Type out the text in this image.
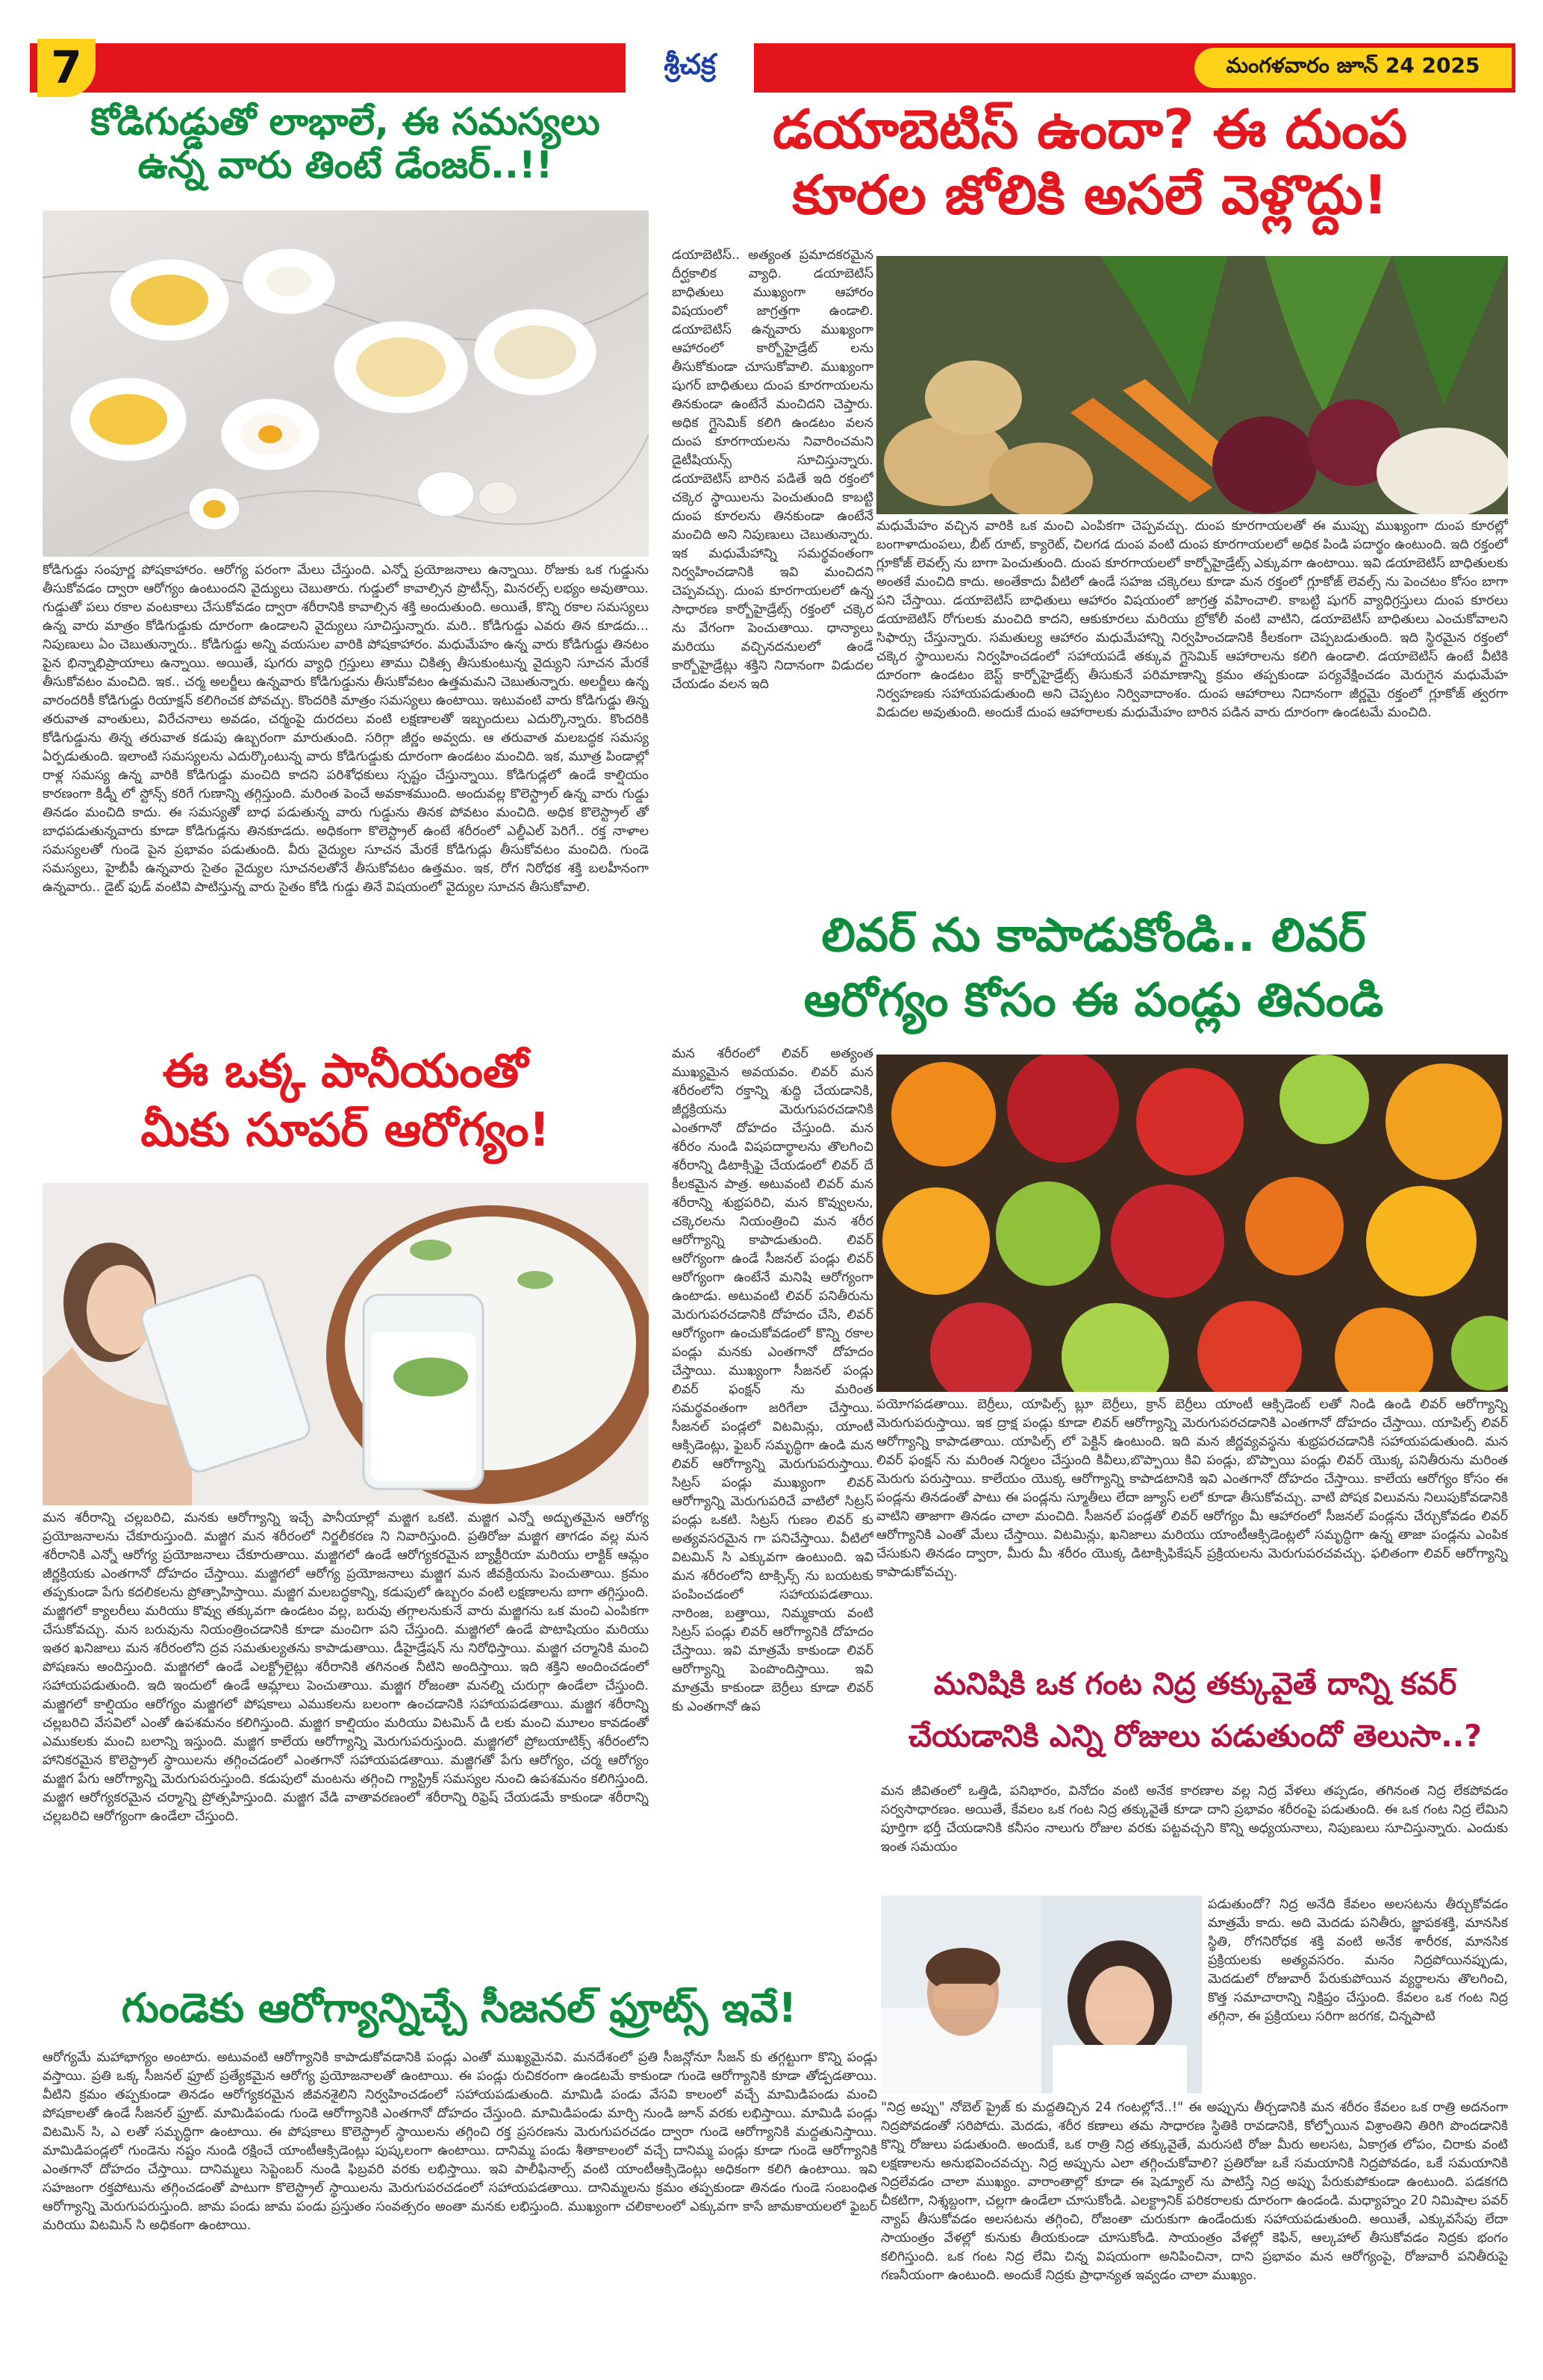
7	శ్రీచక్ర	మంగళవారం జూన్ 24 2025
కోడిగుడ్డుతో లాభాలే, ఈ సమస్యలు
ఉన్న వారు తింటే డేంజర్..!!
కోడిగుడ్డు సంపూర్ణ పోషకాహారం. ఆరోగ్య పరంగా మేలు చేస్తుంది. ఎన్నో ప్రయోజనాలు ఉన్నాయి. రోజుకు ఒక గుడ్డును తీసుకోవడం ద్వారా ఆరోగ్యం ఉంటుందని వైద్యులు చెబుతారు. గుడ్డులో కావాల్సిన ప్రొటీన్స్, మినరల్స్ లభ్యం అవుతాయి. గుడ్డుతో పలు రకాల వంటకాలు చేసుకోవడం ద్వారా శరీరానికి కావాల్సిన శక్తి అందుతుంది. అయితే, కొన్ని రకాల సమస్యలు ఉన్న వారు మాత్రం కోడిగుడ్డుకు దూరంగా ఉండాలని వైద్యులు సూచిస్తున్నారు. మరి.. కోడిగుడ్డు ఎవరు తిన కూడదు... నిపుణులు ఏం చెబుతున్నారు.. కోడిగుడ్డు అన్ని వయసుల వారికి పోషకాహారం. మధుమేహం ఉన్న వారు కోడిగుడ్డు తినటం పైన భిన్నాభిప్రాయాలు ఉన్నాయి. అయితే, షుగరు వ్యాధి గ్రస్తులు తాము చికిత్స తీసుకుంటున్న వైద్యుని సూచన మేరకే తీసుకోవటం మంచిది. ఇక.. చర్మ అలర్జీలు ఉన్నవారు కోడిగుడ్డును తీసుకోవటం ఉత్తమమని చెబుతున్నారు. అలర్జీలు ఉన్న వారందరికీ కోడిగుడ్డు రియాక్షన్ కలిగించక పోవచ్చు. కొందరికి మాత్రం సమస్యలు ఉంటాయి. ఇటువంటి వారు కోడిగుడ్డు తిన్న తరువాత వాంతులు, విరేచనాలు అవడం, చర్మంపై దురదలు వంటి లక్షణాలతో ఇబ్బందులు ఎదుర్కొన్నారు. కొందరికి కోడిగుడ్డును తిన్న తరువాత కడుపు ఉబ్బరంగా మారుతుంది. సరిగ్గా జీర్ణం అవ్వదు. ఆ తరువాత మలబద్ధక సమస్య ఏర్పడుతుంది. ఇలాంటి సమస్యలను ఎదుర్కొంటున్న వారు కోడిగుడ్డుకు దూరంగా ఉండటం మంచిది. ఇక, మూత్ర పిండాల్లో రాళ్ల సమస్య ఉన్న వారికి కోడిగుడ్డు మంచిది కాదని పరిశోధకులు స్పష్టం చేస్తున్నాయి. కోడిగుడ్లలో ఉండే కాల్షియం కారణంగా కిడ్నీ లో స్టోన్స్ కరిగే గుణాన్ని తగ్గిస్తుంది. మరింత పెంచే అవకాశముంది. అందువల్ల కొలెస్ట్రాల్ ఉన్న వారు గుడ్డు తినడం మంచిది కాదు. ఈ సమస్యతో బాధ పడుతున్న వారు గుడ్డును తినక పోవటం మంచిది. అధిక కొలెస్ట్రాల్ తో బాధపడుతున్నవారు కూడా కోడిగుడ్లను తినకూడదు. అధికంగా కొలెస్ట్రాల్ ఉంటే శరీరంలో ఎల్డీఎల్ పెరిగే.. రక్త నాళాల సమస్యలతో గుండె పైన ప్రభావం పడుతుంది. వీరు వైద్యుల సూచన మేరకే కోడిగుడ్లు తీసుకోవటం మంచిది. గుండె సమస్యలు, హైబీపీ ఉన్నవారు సైతం వైద్యుల సూచనలతోనే తీసుకోవటం ఉత్తమం. ఇక, రోగ నిరోధక శక్తి బలహీనంగా ఉన్నవారు.. డైట్ ఫుడ్ వంటివి పాటిస్తున్న వారు సైతం కోడి గుడ్డు తినే విషయంలో వైద్యుల సూచన తీసుకోవాలి.
ఈ ఒక్క పానీయంతో
మీకు సూపర్ ఆరోగ్యం!
మన శరీరాన్ని చల్లబరిచి, మనకు ఆరోగ్యాన్ని ఇచ్చే పానీయాల్లో మజ్జిగ ఒకటి. మజ్జిగ ఎన్నో అద్భుతమైన ఆరోగ్య ప్రయోజనాలను చేకూరుస్తుంది. మజ్జిగ మన శరీరంలో నిర్జలీకరణ ని నివారిస్తుంది. ప్రతిరోజు మజ్జిగ తాగడం వల్ల మన శరీరానికి ఎన్నో ఆరోగ్య ప్రయోజనాలు చేకూరుతాయి. మజ్జిగలో ఉండే ఆరోగ్యకరమైన బ్యాక్టీరియా మరియు లాక్టిక్ ఆమ్లం జీర్ణక్రియకు ఎంతగానో దోహదం చేస్తాయి. మజ్జిగలో ఆరోగ్య ప్రయోజనాలు మజ్జిగ మన జీవక్రియను పెంచుతాయి. క్రమం తప్పకుండా పేగు కదలికలను ప్రోత్సాహిస్తాయి. మజ్జిగ మలబద్ధకాన్ని, కడుపులో ఉబ్బరం వంటి లక్షణాలను బాగా తగ్గిస్తుంది. మజ్జిగలో క్యాలరీలు మరియు కొవ్వు తక్కువగా ఉండటం వల్ల, బరువు తగ్గాలనుకునే వారు మజ్జిగను ఒక మంచి ఎంపికగా చేసుకోవచ్చు. మన బరువును నియంత్రించడానికి కూడా మంచిగా పని చేస్తుంది. మజ్జిగలో ఉండే పొటాషియం మరియు ఇతర ఖనిజాలు మన శరీరంలోని ద్రవ సమతుల్యతను కాపాడుతాయి. డీహైడ్రేషన్ ను నిరోధిస్తాయి. మజ్జిగ చర్మానికి మంచి పోషణను అందిస్తుంది. మజ్జిగలో ఉండే ఎలక్ట్రోలైట్లు శరీరానికి తగినంత నీటిని అందిస్తాయి. ఇది శక్తిని అందించడంలో సహాయపడుతుంది. ఇది ఇందులో ఉండే ఆమ్లాలు పెంచుతాయి. మజ్జిగ రోజంతా మనల్ని చురుగ్గా ఉండేలా చేస్తుంది. మజ్జిగలో కాల్షియం ఆరోగ్యం మజ్జిగలో పోషకాలు ఎముకలను బలంగా ఉంచడానికి సహాయపడతాయి. మజ్జిగ శరీరాన్ని చల్లబరిచి వేసవిలో ఎంతో ఉపశమనం కలిగిస్తుంది. మజ్జిగ కాల్షియం మరియు విటమిన్ డి లకు మంచి మూలం కావడంతో ఎముకలకు మంచి బలాన్ని ఇస్తుంది. మజ్జిగ కాలేయ ఆరోగ్యాన్ని మెరుగుపరుస్తుంది. మజ్జిగలో ప్రోబయాటిక్స్ శరీరంలోని హానికరమైన కొలెస్ట్రాల్ స్థాయిలను తగ్గించడంలో ఎంతగానో సహాయపడతాయి. మజ్జిగతో పేగు ఆరోగ్యం, చర్మ ఆరోగ్యం మజ్జిగ పేగు ఆరోగ్యాన్ని మెరుగుపరుస్తుంది. కడుపులో మంటను తగ్గించి గ్యాస్ట్రిక్ సమస్యల నుంచి ఉపశమనం కలిగిస్తుంది. మజ్జిగ ఆరోగ్యకరమైన చర్మాన్ని ప్రోత్సహిస్తుంది. మజ్జిగ వేడి వాతావరణంలో శరీరాన్ని రిఫ్రెష్ చేయడమే కాకుండా శరీరాన్ని చల్లబరిచి ఆరోగ్యంగా ఉండేలా చేస్తుంది.
గుండెకు ఆరోగ్యాన్నిచ్చే సీజనల్ ఫ్రూట్స్ ఇవే!
ఆరోగ్యమే మహాభాగ్యం అంటారు. అటువంటి ఆరోగ్యానికి కాపాడుకోవడానికి పండ్లు ఎంతో ముఖ్యమైనవి. మనదేశంలో ప్రతి సీజన్లోనూ సీజన్ కు తగ్గట్టుగా కొన్ని పండ్లు వస్తాయి. ప్రతి ఒక్క సీజనల్ ఫ్రూట్ ప్రత్యేకమైన ఆరోగ్య ప్రయోజనాలతో ఉంటాయి. ఈ పండ్లు రుచికరంగా ఉండటమే కాకుండా గుండె ఆరోగ్యానికి కూడా తోడ్పడతాయి. వీటిని క్రమం తప్పకుండా తినడం ఆరోగ్యకరమైన జీవనశైలిని నిర్వహించడంలో సహాయపడుతుంది. మామిడి పండు వేసవి కాలంలో వచ్చే మామిడిపండు మంచి పోషకాలతో ఉండే సీజనల్ ఫ్రూట్. మామిడిపండు గుండె ఆరోగ్యానికి ఎంతగానో దోహదం చేస్తుంది. మామిడిపండు మార్చి నుండి జూన్ వరకు లభిస్తాయి. మామిడి పండ్లు విటమిన్ సి, ఎ లతో సమృద్ధిగా ఉంటాయి. ఈ పోషకాలు కొలెస్ట్రాల్ స్థాయిలను తగ్గించి రక్త ప్రసరణను మెరుగుపరచడం ద్వారా గుండె ఆరోగ్యానికి మద్దతునిస్తాయి. మామిడిపండ్లలో గుండెను నష్టం నుండి రక్షించే యాంటీఆక్సిడెంట్లు పుష్కలంగా ఉంటాయి. దానిమ్మ పండు శీతాకాలంలో వచ్చే దానిమ్మ పండ్లు కూడా గుండె ఆరోగ్యానికి ఎంతగానో దోహదం చేస్తాయి. దానిమ్మలు సెప్టెంబర్ నుండి ఫిబ్రవరి వరకు లభిస్తాయి. ఇవి పాలీఫినాల్స్ వంటి యాంటీఆక్సిడెంట్లు అధికంగా కలిగి ఉంటాయి. ఇవి సహజంగా రక్తపోటును తగ్గించడంతో పాటుగా కొలెస్ట్రాల్ స్థాయిలను మెరుగుపరచడంలో సహాయపడతాయి. దానిమ్మలను క్రమం తప్పకుండా తినడం గుండె సంబంధిత ఆరోగ్యాన్ని మెరుగుపరుస్తుంది. జామ పండు జామ పండు ప్రస్తుతం సంవత్సరం అంతా మనకు లభిస్తుంది. ముఖ్యంగా చలికాలంలో ఎక్కువగా కాసే జామకాయలలో ఫైబర్ మరియు విటమిన్ సి అధికంగా ఉంటాయి.
డయాబెటిస్ ఉందా? ఈ దుంప
కూరల జోలికి అసలే వెళ్లొద్దు!
డయాబెటిస్.. అత్యంత ప్రమాదకరమైన దీర్ఘకాలిక వ్యాధి. డయాబెటిస్ బాధితులు ముఖ్యంగా ఆహారం విషయంలో జాగ్రత్తగా ఉండాలి. డయాబెటిస్ ఉన్నవారు ముఖ్యంగా ఆహారంలో కార్బోహైడ్రేట్ లను తీసుకోకుండా చూసుకోవాలి. ముఖ్యంగా షుగర్ బాధితులు దుంప కూరగాయలను తినకుండా ఉంటేనే మంచిదని చెప్తారు. అధిక గ్లైసెమిక్ కలిగి ఉండటం వలన దుంప కూరగాయలను నివారించమని డైటీషియన్స్ సూచిస్తున్నారు. డయాబెటిస్ బారిన పడితే ఇది రక్తంలో చక్కెర స్థాయిలను పెంచుతుంది కాబట్టి దుంప కూరలను తినకుండా ఉంటేనే మంచిది అని నిపుణులు చెబుతున్నారు. ఇక మధుమేహాన్ని సమర్థవంతంగా నిర్వహించడానికి ఇవి మంచిదని చెప్పవచ్చు. దుంప కూరగాయలలో ఉన్న సాధారణ కార్బోహైడ్రేట్స్ రక్తంలో చక్కెర ను వేగంగా పెంచుతాయి. ధాన్యాలు మరియు వచ్చినదనులలో ఉండే కార్బోహైడ్రేట్లు శక్తిని నిదానంగా విడుదల చేయడం వలన ఇది
మధుమేహం వచ్చిన వారికి ఒక మంచి ఎంపికగా చెప్పవచ్చు. దుంప కూరగాయలతో ఈ ముప్పు ముఖ్యంగా దుంప కూరల్లో బంగాళాదుంపలు, బీట్ రూట్, క్యారెట్, చిలగడ దుంప వంటి దుంప కూరగాయలలో అధిక పిండి పదార్థం ఉంటుంది. ఇది రక్తంలో గ్లూకోజ్ లెవల్స్ ను బాగా పెంచుతుంది. దుంప కూరగాయలలో కార్బోహైడ్రేట్స్ ఎక్కువగా ఉంటాయి. ఇవి డయాబెటిస్ బాధితులకు అంతకే మంచిది కాదు. అంతేకాదు వీటిలో ఉండే సహజ చక్కెరలు కూడా మన రక్తంలో గ్లూకోజ్ లెవల్స్ ను పెంచటం కోసం బాగా పని చేస్తాయి. డయాబెటిస్ బాధితులు ఆహారం విషయంలో జాగ్రత్త వహించాలి. కాబట్టి షుగర్ వ్యాధిగ్రస్తులు దుంప కూరలు డయాబెటిస్ రోగులకు మంచిది కాదని, ఆకుకూరలు మరియు బ్రోకోలీ వంటి వాటిని, డయాబెటిస్ బాధితులు ఎంచుకోవాలని సిఫార్సు చేస్తున్నారు. సమతుల్య ఆహారం మధుమేహాన్ని నిర్వహించడానికి కీలకంగా చెప్పబడుతుంది. ఇది స్థిరమైన రక్తంలో చక్కెర స్థాయిలను నిర్వహించడంలో సహాయపడే తక్కువ గ్లైసెమిక్ ఆహారాలను కలిగి ఉండాలి. డయాబెటిస్ ఉంటే వీటికి దూరంగా ఉండటం బెస్ట్ కార్బోహైడ్రేట్స్ తీసుకునే పరిమాణాన్ని క్రమం తప్పకుండా పర్యవేక్షించడం మెరుగైన మధుమేహ నిర్వహణకు సహాయపడుతుంది అని చెప్పటం నిర్వివాదాంశం. దుంప ఆహారాలు నిదానంగా జీర్ణమై రక్తంలో గ్లూకోజ్ త్వరగా విడుదల అవుతుంది. అందుకే దుంప ఆహారాలకు మధుమేహం బారిన పడిన వారు దూరంగా ఉండటమే మంచిది.
లివర్ ను కాపాడుకోండి.. లివర్
ఆరోగ్యం కోసం ఈ పండ్లు తినండి
మన శరీరంలో లివర్ అత్యంత ముఖ్యమైన అవయవం. లివర్ మన శరీరంలోని రక్తాన్ని శుద్ధి చేయడానికి, జీర్ణక్రియను మెరుగుపరచడానికి ఎంతగానో దోహదం చేస్తుంది. మన శరీరం నుండి విషపదార్థాలను తొలగించి శరీరాన్ని డిటాక్సిఫై చేయడంలో లివర్ దే కీలకమైన పాత్ర. అటువంటి లివర్ మన శరీరాన్ని శుభ్రపరిచి, మన కొవ్వులను, చక్కెరలను నియంత్రించి మన శరీర ఆరోగ్యాన్ని కాపాడుతుంది. లివర్ ఆరోగ్యంగా ఉండే సీజనల్ పండ్లు లివర్ ఆరోగ్యంగా ఉంటేనే మనిషి ఆరోగ్యంగా ఉంటాడు. అటువంటి లివర్ పనితీరును మెరుగుపరచడానికి దోహదం చేసి, లివర్ ఆరోగ్యంగా ఉంచుకోవడంలో కొన్ని రకాల పండ్లు మనకు ఎంతగానో దోహదం చేస్తాయి. ముఖ్యంగా సీజనల్ పండ్లు లివర్ ఫంక్షన్ ను మరింత సమర్థవంతంగా జరిగేలా చేస్తాయి. సీజనల్ పండ్లలో విటమిన్లు, యాంటీ ఆక్సిడెంట్లు, ఫైబర్ సమృద్ధిగా ఉండి మన లివర్ ఆరోగ్యాన్ని మెరుగుపరుస్తాయి. సిట్రస్ పండ్లు ముఖ్యంగా లివర్ ఆరోగ్యాన్ని మెరుగుపరిచే వాటిలో సిట్రస్ పండ్లు ఒకటి. సిట్రస్ గుణం లివర్ కు అత్యవసరమైన గా పనిచేస్తాయి. వీటిలో విటమిన్ సి ఎక్కువగా ఉంటుంది. ఇవి మన శరీరంలోని టాక్సిన్స్ ను బయటకు పంపించడంలో సహాయపడతాయి. నారింజ, బత్తాయి, నిమ్మకాయ వంటి సిట్రస్ పండ్లు లివర్ ఆరోగ్యానికి దోహదం చేస్తాయి. ఇవి మాత్రమే కాకుండా లివర్ ఆరోగ్యాన్ని పెంపొందిస్తాయి. ఇవి మాత్రమే కాకుండా బెర్రీలు కూడా లివర్ కు ఎంతగానో ఉప
పయోగపడతాయి. బెర్రీలు, యాపిల్స్ బ్లూ బెర్రీలు, క్రాన్ బెర్రీలు యాంటీ ఆక్సిడెంట్ లతో నిండి ఉండి లివర్ ఆరోగ్యాన్ని మెరుగుపరుస్తాయి. ఇక ద్రాక్ష పండ్లు కూడా లివర్ ఆరోగ్యాన్ని మెరుగుపరచడానికి ఎంతగానో దోహదం చేస్తాయి. యాపిల్స్ లివర్ ఆరోగ్యాన్ని కాపాడతాయి. యాపిల్స్ లో పెక్టిన్ ఉంటుంది. ఇది మన జీర్ణవ్యవస్థను శుభ్రపరచడానికి సహాయపడుతుంది. మన లివర్ ఫంక్షన్ ను మరింత నిర్మలం చేస్తుంది కివీలు,బొప్పాయి కివి పండ్లు, బొప్పాయి పండ్లు లివర్ యొక్క పనితీరును మరింత మెరుగు పరుస్తాయి. కాలేయం యొక్క ఆరోగ్యాన్ని కాపాడటానికి ఇవి ఎంతగానో దోహదం చేస్తాయి. కాలేయ ఆరోగ్యం కోసం ఈ పండ్లను తినడంతో పాటు ఈ పండ్లను స్మూతీలు లేదా జ్యూస్ లలో కూడా తీసుకోవచ్చు. వాటి పోషక విలువను నిలుపుకోవడానికి వాటిని తాజాగా తినడం చాలా మంచిది. సీజనల్ పండ్లతో లివర్ ఆరోగ్యం మీ ఆహారంలో సీజనల్ పండ్లను చేర్చుకోవడం లివర్ ఆరోగ్యానికి ఎంతో మేలు చేస్తాయి. విటమిన్లు, ఖనిజాలు మరియు యాంటీఆక్సిడెంట్లలో సమృద్ధిగా ఉన్న తాజా పండ్లను ఎంపిక చేసుకుని తినడం ద్వారా, మీరు మీ శరీరం యొక్క డిటాక్సిఫికేషన్ ప్రక్రియలను మెరుగుపరచవచ్చు. ఫలితంగా లివర్ ఆరోగ్యాన్ని కాపాడుకోవచ్చు.
మనిషికి ఒక గంట నిద్ర తక్కువైతే దాన్ని కవర్
చేయడానికి ఎన్ని రోజులు పడుతుందో తెలుసా..?
మన జీవితంలో ఒత్తిడి, పనిభారం, వినోదం వంటి అనేక కారణాల వల్ల నిద్ర వేళలు తప్పడం, తగినంత నిద్ర లేకపోవడం సర్వసాధారణం. అయితే, కేవలం ఒక గంట నిద్ర తక్కువైతే కూడా దాని ప్రభావం శరీరంపై పడుతుంది. ఈ ఒక గంట నిద్ర లేమిని పూర్తిగా భర్తీ చేయడానికి కనీసం నాలుగు రోజుల వరకు పట్టవచ్చని కొన్ని అధ్యయనాలు, నిపుణులు సూచిస్తున్నారు. ఎందుకు ఇంత సమయం
పడుతుందో? నిద్ర అనేది కేవలం అలసటను తీర్చుకోవడం మాత్రమే కాదు. అది మెదడు పనితీరు, జ్ఞాపకశక్తి, మానసిక స్థితి, రోగనిరోధక శక్తి వంటి అనేక శారీరక, మానసిక ప్రక్రియలకు అత్యవసరం. మనం నిద్రపోయినప్పుడు, మెదడులో రోజువారీ పేరుకుపోయిన వ్యర్థాలను తొలగించి, కొత్త సమాచారాన్ని నిక్షిప్తం చేస్తుంది. కేవలం ఒక గంట నిద్ర తగ్గినా, ఈ ప్రక్రియలు సరిగా జరగక, చిన్నపాటి
"నిద్ర అప్పు" నోబెల్ ప్రైజ్ కు మద్దతిచ్చిన 24 గంటల్లోనే..!" ఈ అప్పును తీర్చడానికి మన శరీరం కేవలం ఒక రాత్రి అదనంగా నిద్రపోవడంతో సరిపోదు. మెదడు, శరీర కణాలు తమ సాధారణ స్థితికి రావడానికి, కోల్పోయిన విశ్రాంతిని తిరిగి పొందడానికి కొన్ని రోజులు పడుతుంది. అందుకే, ఒక రాత్రి నిద్ర తక్కువైతే, మరుసటి రోజు మీరు అలసట, ఏకాగ్రత లోపం, చిరాకు వంటి లక్షణాలను అనుభవించవచ్చు. నిద్ర అప్పును ఎలా తగ్గించుకోవాలి? ప్రతిరోజు ఒకే సమయానికి నిద్రపోవడం, ఒకే సమయానికి నిద్రలేవడం చాలా ముఖ్యం. వారాంతాల్లో కూడా ఈ షెడ్యూల్ ను పాటిస్తే నిద్ర అప్పు పేరుకుపోకుండా ఉంటుంది. పడకగది చీకటిగా, నిశ్శబ్దంగా, చల్లగా ఉండేలా చూసుకోండి. ఎలక్ట్రానిక్ పరికరాలకు దూరంగా ఉండండి. మధ్యాహ్నం 20 నిమిషాల పవర్ న్యాప్ తీసుకోవడం అలసటను తగ్గించి, రోజంతా చురుకుగా ఉండేందుకు సహాయపడుతుంది. అయితే, ఎక్కువసేపు లేదా సాయంత్రం వేళల్లో కునుకు తీయకుండా చూసుకోండి. సాయంత్రం వేళల్లో కెఫిన్, ఆల్కహాల్ తీసుకోవడం నిద్రకు భంగం కలిగిస్తుంది. ఒక గంట నిద్ర లేమి చిన్న విషయంగా అనిపించినా, దాని ప్రభావం మన ఆరోగ్యంపై, రోజువారీ పనితీరుపై గణనీయంగా ఉంటుంది. అందుకే నిద్రకు ప్రాధాన్యత ఇవ్వడం చాలా ముఖ్యం.
